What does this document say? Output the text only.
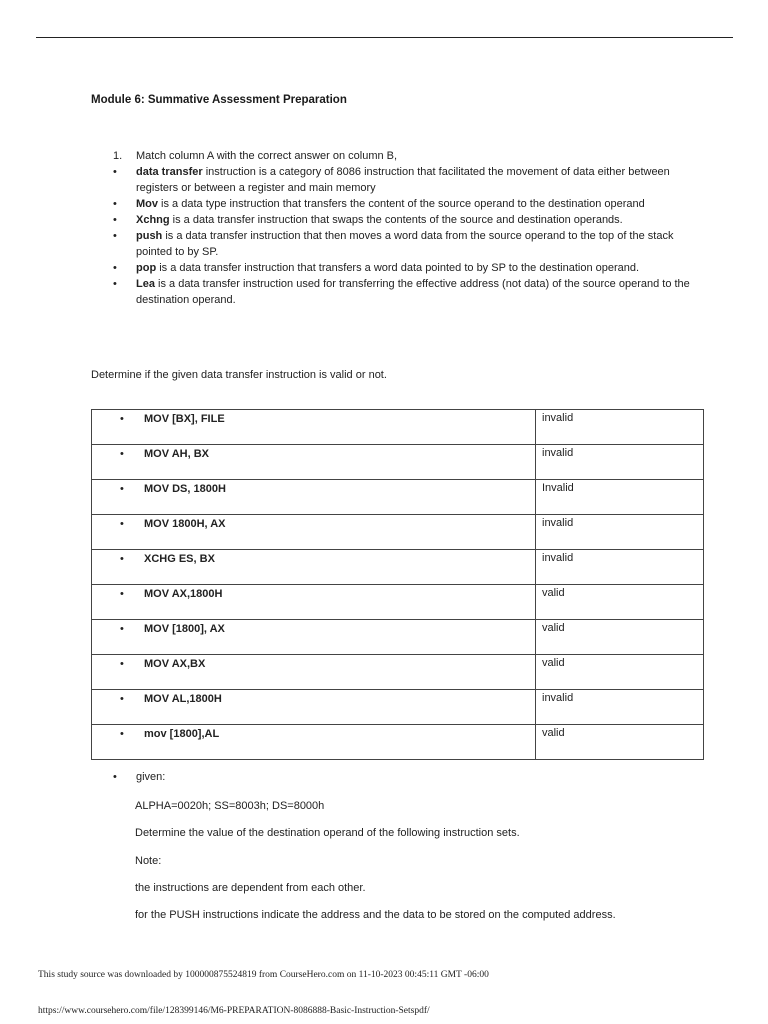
Module 6: Summative Assessment Preparation
1.	Match column A with the correct answer on column B,
•	data transfer instruction is a category of 8086 instruction that facilitated the movement of data either between registers or between a register and main memory
•	Mov is a data type instruction that transfers the content of the source operand to the destination operand
•	Xchng is a data transfer instruction that swaps the contents of the source and destination operands.
•	push is a data transfer instruction that then moves a word data from the source operand to the top of the stack pointed to by SP.
•	pop is a data transfer instruction that transfers a word data pointed to by SP to the destination operand.
•	Lea is a data transfer instruction used for transferring the effective address (not data) of the source operand to the destination operand.
Determine if the given data transfer instruction is valid or not.
• MOV [BX], FILE	invalid

• MOV AH, BX	invalid

• MOV DS, 1800H	Invalid

• MOV 1800H, AX	invalid

• XCHG ES, BX	invalid

• MOV AX,1800H	valid

• MOV [1800], AX	valid

• MOV AX,BX	valid

• MOV AL,1800H	invalid

• mov [1800],AL	valid
•	given:
ALPHA=0020h; SS=8003h; DS=8000h
Determine the value of the destination operand of the following instruction sets.
Note:
the instructions are dependent from each other.
for the PUSH instructions indicate the address and the data to be stored on the computed address.
This study source was downloaded by 100000875524819 from CourseHero.com on 11-10-2023 00:45:11 GMT -06:00
https://www.coursehero.com/file/128399146/M6-PREPARATION-8086888-Basic-Instruction-Setspdf/
